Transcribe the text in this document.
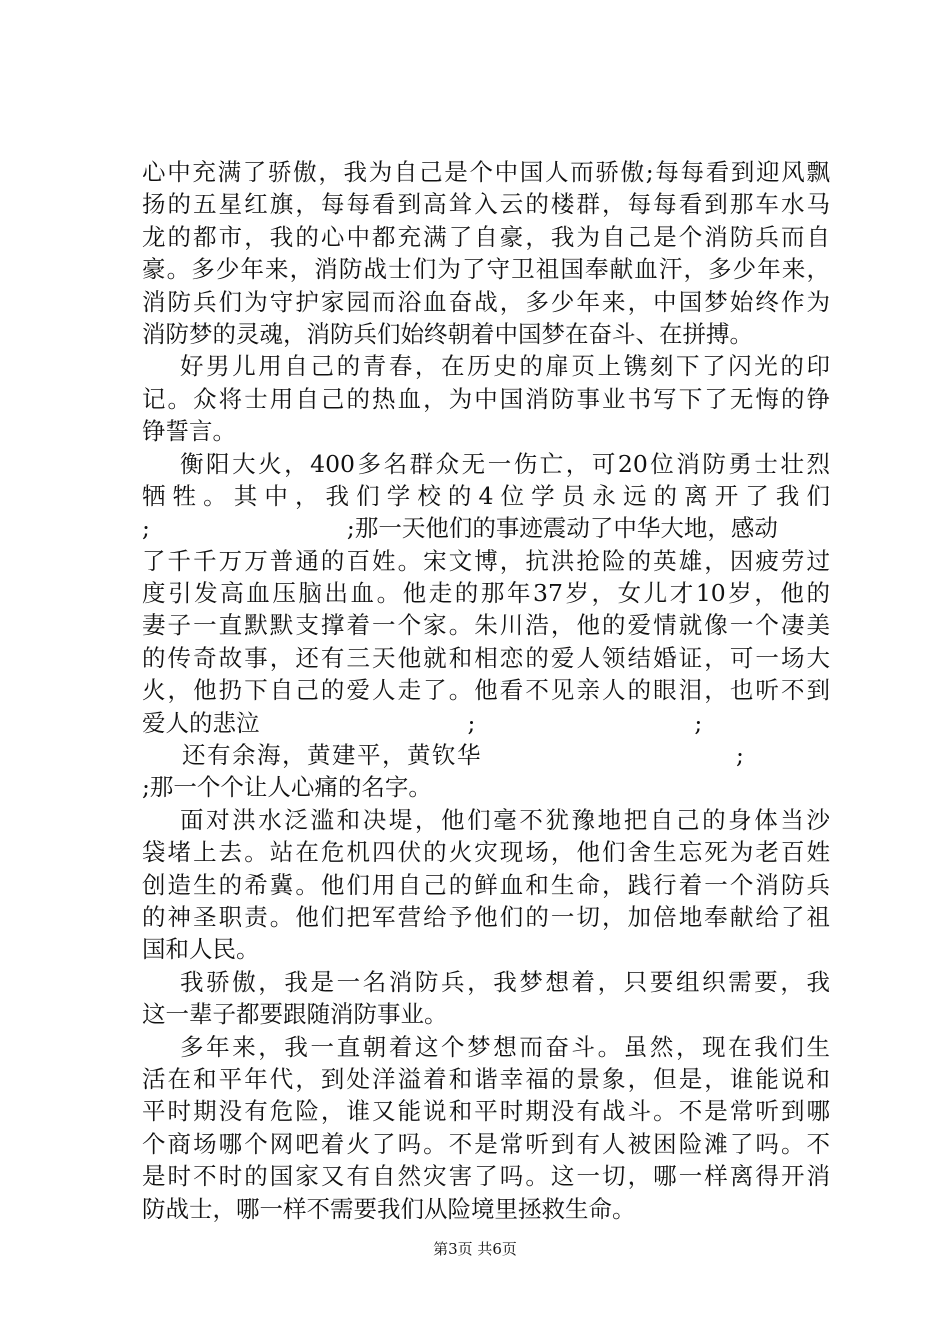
心中充满了骄傲，我为自己是个中国人而骄傲;每每看到迎风飘
扬的五星红旗，每每看到高耸入云的楼群，每每看到那车水马
龙的都市，我的心中都充满了自豪，我为自己是个消防兵而自
豪。多少年来，消防战士们为了守卫祖国奉献血汗，多少年来，
消防兵们为守护家园而浴血奋战，多少年来，中国梦始终作为
消防梦的灵魂，消防兵们始终朝着中国梦在奋斗、在拼搏。
好男儿用自己的青春，在历史的扉页上镌刻下了闪光的印
记。众将士用自己的热血，为中国消防事业书写下了无悔的铮
铮誓言。
衡阳大火，400多名群众无一伤亡，可20位消防勇士壮烈
牺牲。其中，我们学校的4位学员永远的离开了我们
;	;那一天他们的事迹震动了中华大地，感动
了千千万万普通的百姓。宋文博，抗洪抢险的英雄，因疲劳过
度引发高血压脑出血。他走的那年37岁，女儿才10岁，他的
妻子一直默默支撑着一个家。朱川浩，他的爱情就像一个凄美
的传奇故事，还有三天他就和相恋的爱人领结婚证，可一场大
火，他扔下自己的爱人走了。他看不见亲人的眼泪，也听不到
爱人的悲泣	;	;
还有余海，黄建平，黄钦华	;
;那一个个让人心痛的名字。
面对洪水泛滥和决堤，他们毫不犹豫地把自己的身体当沙
袋堵上去。站在危机四伏的火灾现场，他们舍生忘死为老百姓
创造生的希冀。他们用自己的鲜血和生命，践行着一个消防兵
的神圣职责。他们把军营给予他们的一切，加倍地奉献给了祖
国和人民。
我骄傲，我是一名消防兵，我梦想着，只要组织需要，我
这一辈子都要跟随消防事业。
多年来，我一直朝着这个梦想而奋斗。虽然，现在我们生
活在和平年代，到处洋溢着和谐幸福的景象，但是，谁能说和
平时期没有危险，谁又能说和平时期没有战斗。不是常听到哪
个商场哪个网吧着火了吗。不是常听到有人被困险滩了吗。不
是时不时的国家又有自然灾害了吗。这一切，哪一样离得开消
防战士，哪一样不需要我们从险境里拯救生命。
第3页 共6页
